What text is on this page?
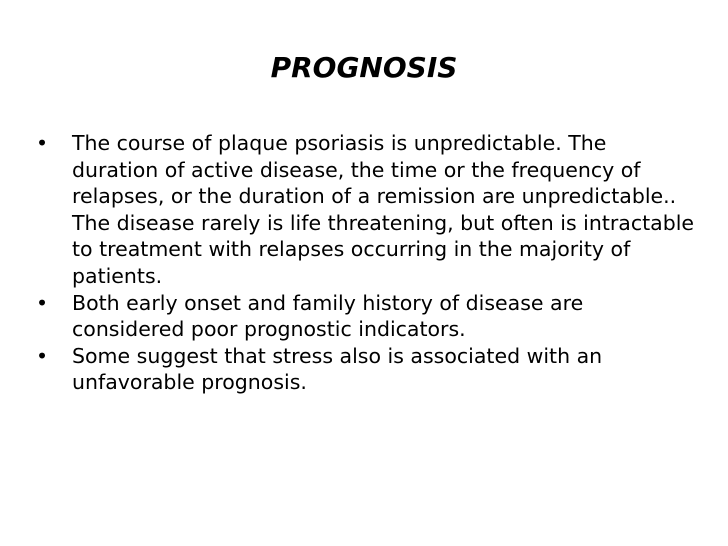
PROGNOSIS
•	The course of plaque psoriasis is unpredictable. The duration of active disease, the time or the frequency of relapses, or the duration of a remission are unpredictable.. The disease rarely is life threatening, but often is intractable to treatment with relapses occurring in the majority of patients.
•	Both early onset and family history of disease are considered poor prognostic indicators.
•	Some suggest that stress also is associated with an unfavorable prognosis.
